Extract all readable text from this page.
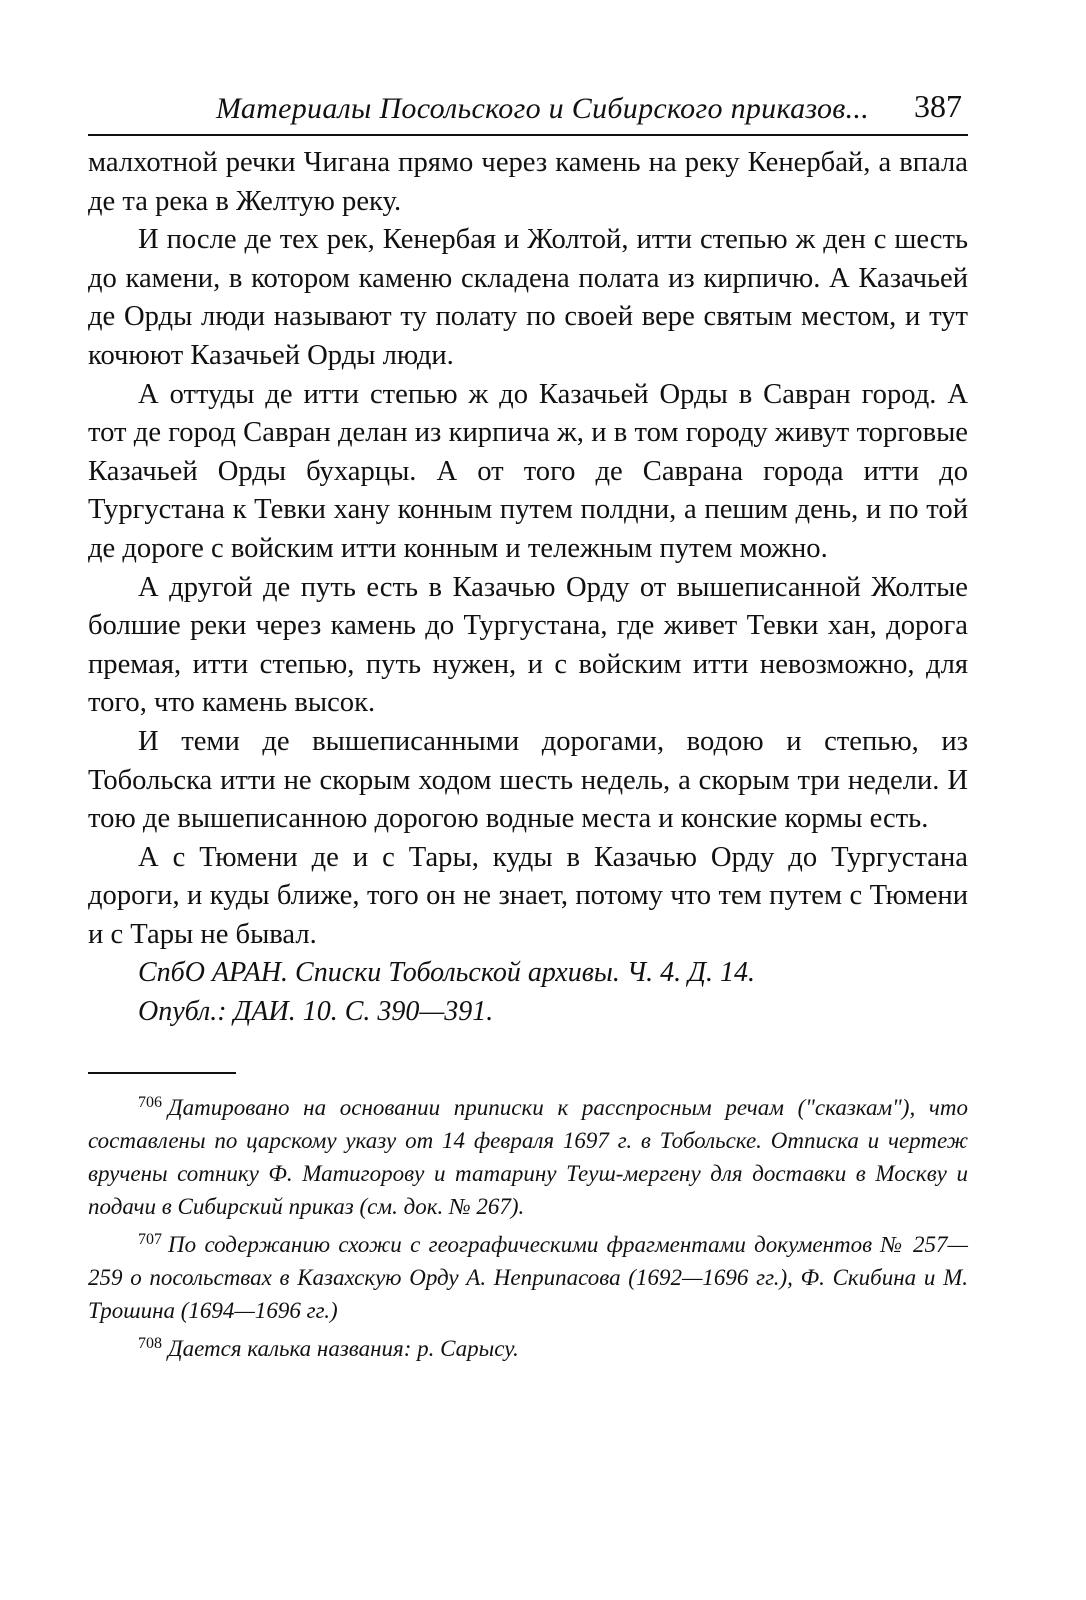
Материалы Посольского и Сибирского приказов... 387

малхотной речки Чигана прямо через камень на реку Кенербай, а впала де та река в Желтую реку.

И после де тех рек, Кенербая и Жолтой, итти степью ж ден с шесть до камени, в котором каменю складена полата из кирпичю. А Казачьей де Орды люди называют ту полату по своей вере святым местом, и тут кочюют Казачьей Орды люди.

А оттуды де итти степью ж до Казачьей Орды в Савран город. А тот де город Савран делан из кирпича ж, и в том городу живут торговые Казачьей Орды бухарцы. А от того де Саврана города итти до Тургустана к Тевки хану конным путем полдни, а пешим день, и по той де дороге с войским итти конным и тележным путем можно.

А другой де путь есть в Казачью Орду от вышеписанной Жолтые болшие реки через камень до Тургустана, где живет Тевки хан, дорога премая, итти степью, путь нужен, и с войским итти невозможно, для того, что камень высок.

И теми де вышеписанными дорогами, водою и степью, из Тобольска итти не скорым ходом шесть недель, а скорым три недели. И тою де вышеписанною дорогою водные места и конские кормы есть.

А с Тюмени де и с Тары, куды в Казачью Орду до Тургустана дороги, и куды ближе, того он не знает, потому что тем путем с Тюмени и с Тары не бывал.

СпбО АРАН. Списки Тобольской архивы. Ч. 4. Д. 14.
Опубл.: ДАИ. 10. С. 390—391.

$^{706}$ Датировано на основании приписки к расспросным речам ("сказкам"), что составлены по царскому указу от 14 февраля 1697 г. в Тобольске. Отписка и чертеж вручены сотнику Ф. Матигорову и татарину Теуш-мергену для доставки в Москву и подачи в Сибирский приказ (см. док. № 267).

$^{707}$ По содержанию схожи с географическими фрагментами документов № 257—259 о посольствах в Казахскую Орду А. Неприпасова (1692—1696 гг.), Ф. Скибина и М. Трошина (1694—1696 гг.)

$^{708}$ Дается калька названия: р. Сарысу.
